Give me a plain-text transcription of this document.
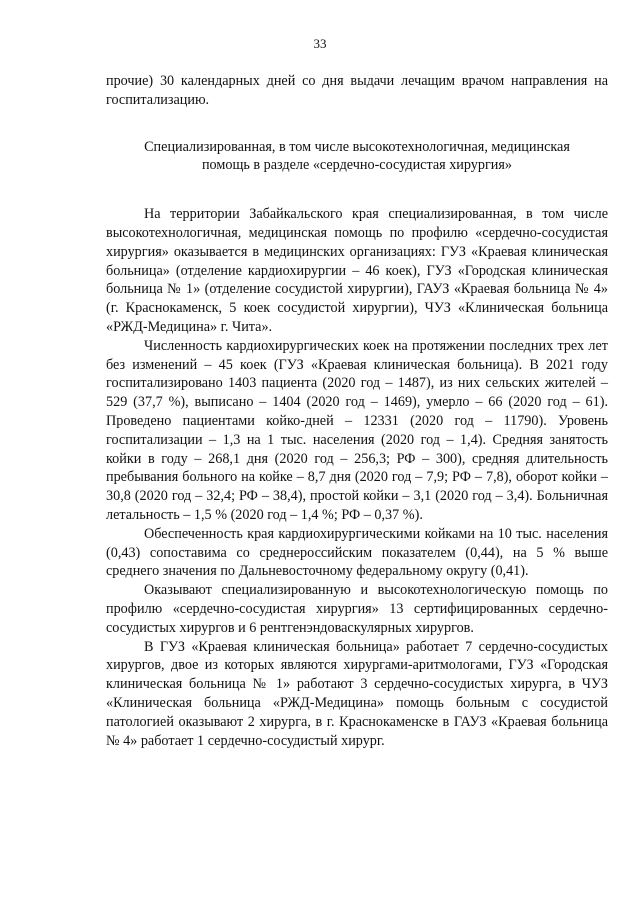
33

прочие) 30 календарных дней со дня выдачи лечащим врачом направления на госпитализацию.

Специализированная, в том числе высокотехнологичная, медицинская
помощь в разделе «сердечно-сосудистая хирургия»

На территории Забайкальского края специализированная, в том числе высокотехнологичная, медицинская помощь по профилю «сердечно-сосудистая хирургия» оказывается в медицинских организациях: ГУЗ «Краевая клиническая больница» (отделение кардиохирургии – 46 коек), ГУЗ «Городская клиническая больница № 1» (отделение сосудистой хирургии), ГАУЗ «Краевая больница № 4» (г. Краснокаменск, 5 коек сосудистой хирургии), ЧУЗ «Клиническая больница «РЖД-Медицина» г. Чита».

Численность кардиохирургических коек на протяжении последних трех лет без изменений – 45 коек (ГУЗ «Краевая клиническая больница). В 2021 году госпитализировано 1403 пациента (2020 год – 1487), из них сельских жителей – 529 (37,7 %), выписано – 1404 (2020 год – 1469), умерло – 66 (2020 год – 61). Проведено пациентами койко-дней – 12331 (2020 год – 11790). Уровень госпитализации – 1,3 на 1 тыс. населения (2020 год – 1,4). Средняя занятость койки в году – 268,1 дня (2020 год – 256,3; РФ – 300), средняя длительность пребывания больного на койке – 8,7 дня (2020 год – 7,9; РФ – 7,8), оборот койки – 30,8 (2020 год – 32,4; РФ – 38,4), простой койки – 3,1 (2020 год – 3,4). Больничная летальность – 1,5 % (2020 год – 1,4 %; РФ – 0,37 %).

Обеспеченность края кардиохирургическими койками на 10 тыс. населения (0,43) сопоставима со среднероссийским показателем (0,44), на 5 % выше среднего значения по Дальневосточному федеральному округу (0,41).

Оказывают специализированную и высокотехнологическую помощь по профилю «сердечно-сосудистая хирургия» 13 сертифицированных сердечно-сосудистых хирургов и 6 рентгенэндоваскулярных хирургов.

В ГУЗ «Краевая клиническая больница» работает 7 сердечно-сосудистых хирургов, двое из которых являются хирургами-аритмологами, ГУЗ «Городская клиническая больница № 1» работают 3 сердечно-сосудистых хирурга, в ЧУЗ «Клиническая больница «РЖД-Медицина» помощь больным с сосудистой патологией оказывают 2 хирурга, в г. Краснокаменске в ГАУЗ «Краевая больница № 4» работает 1 сердечно-сосудистый хирург.
